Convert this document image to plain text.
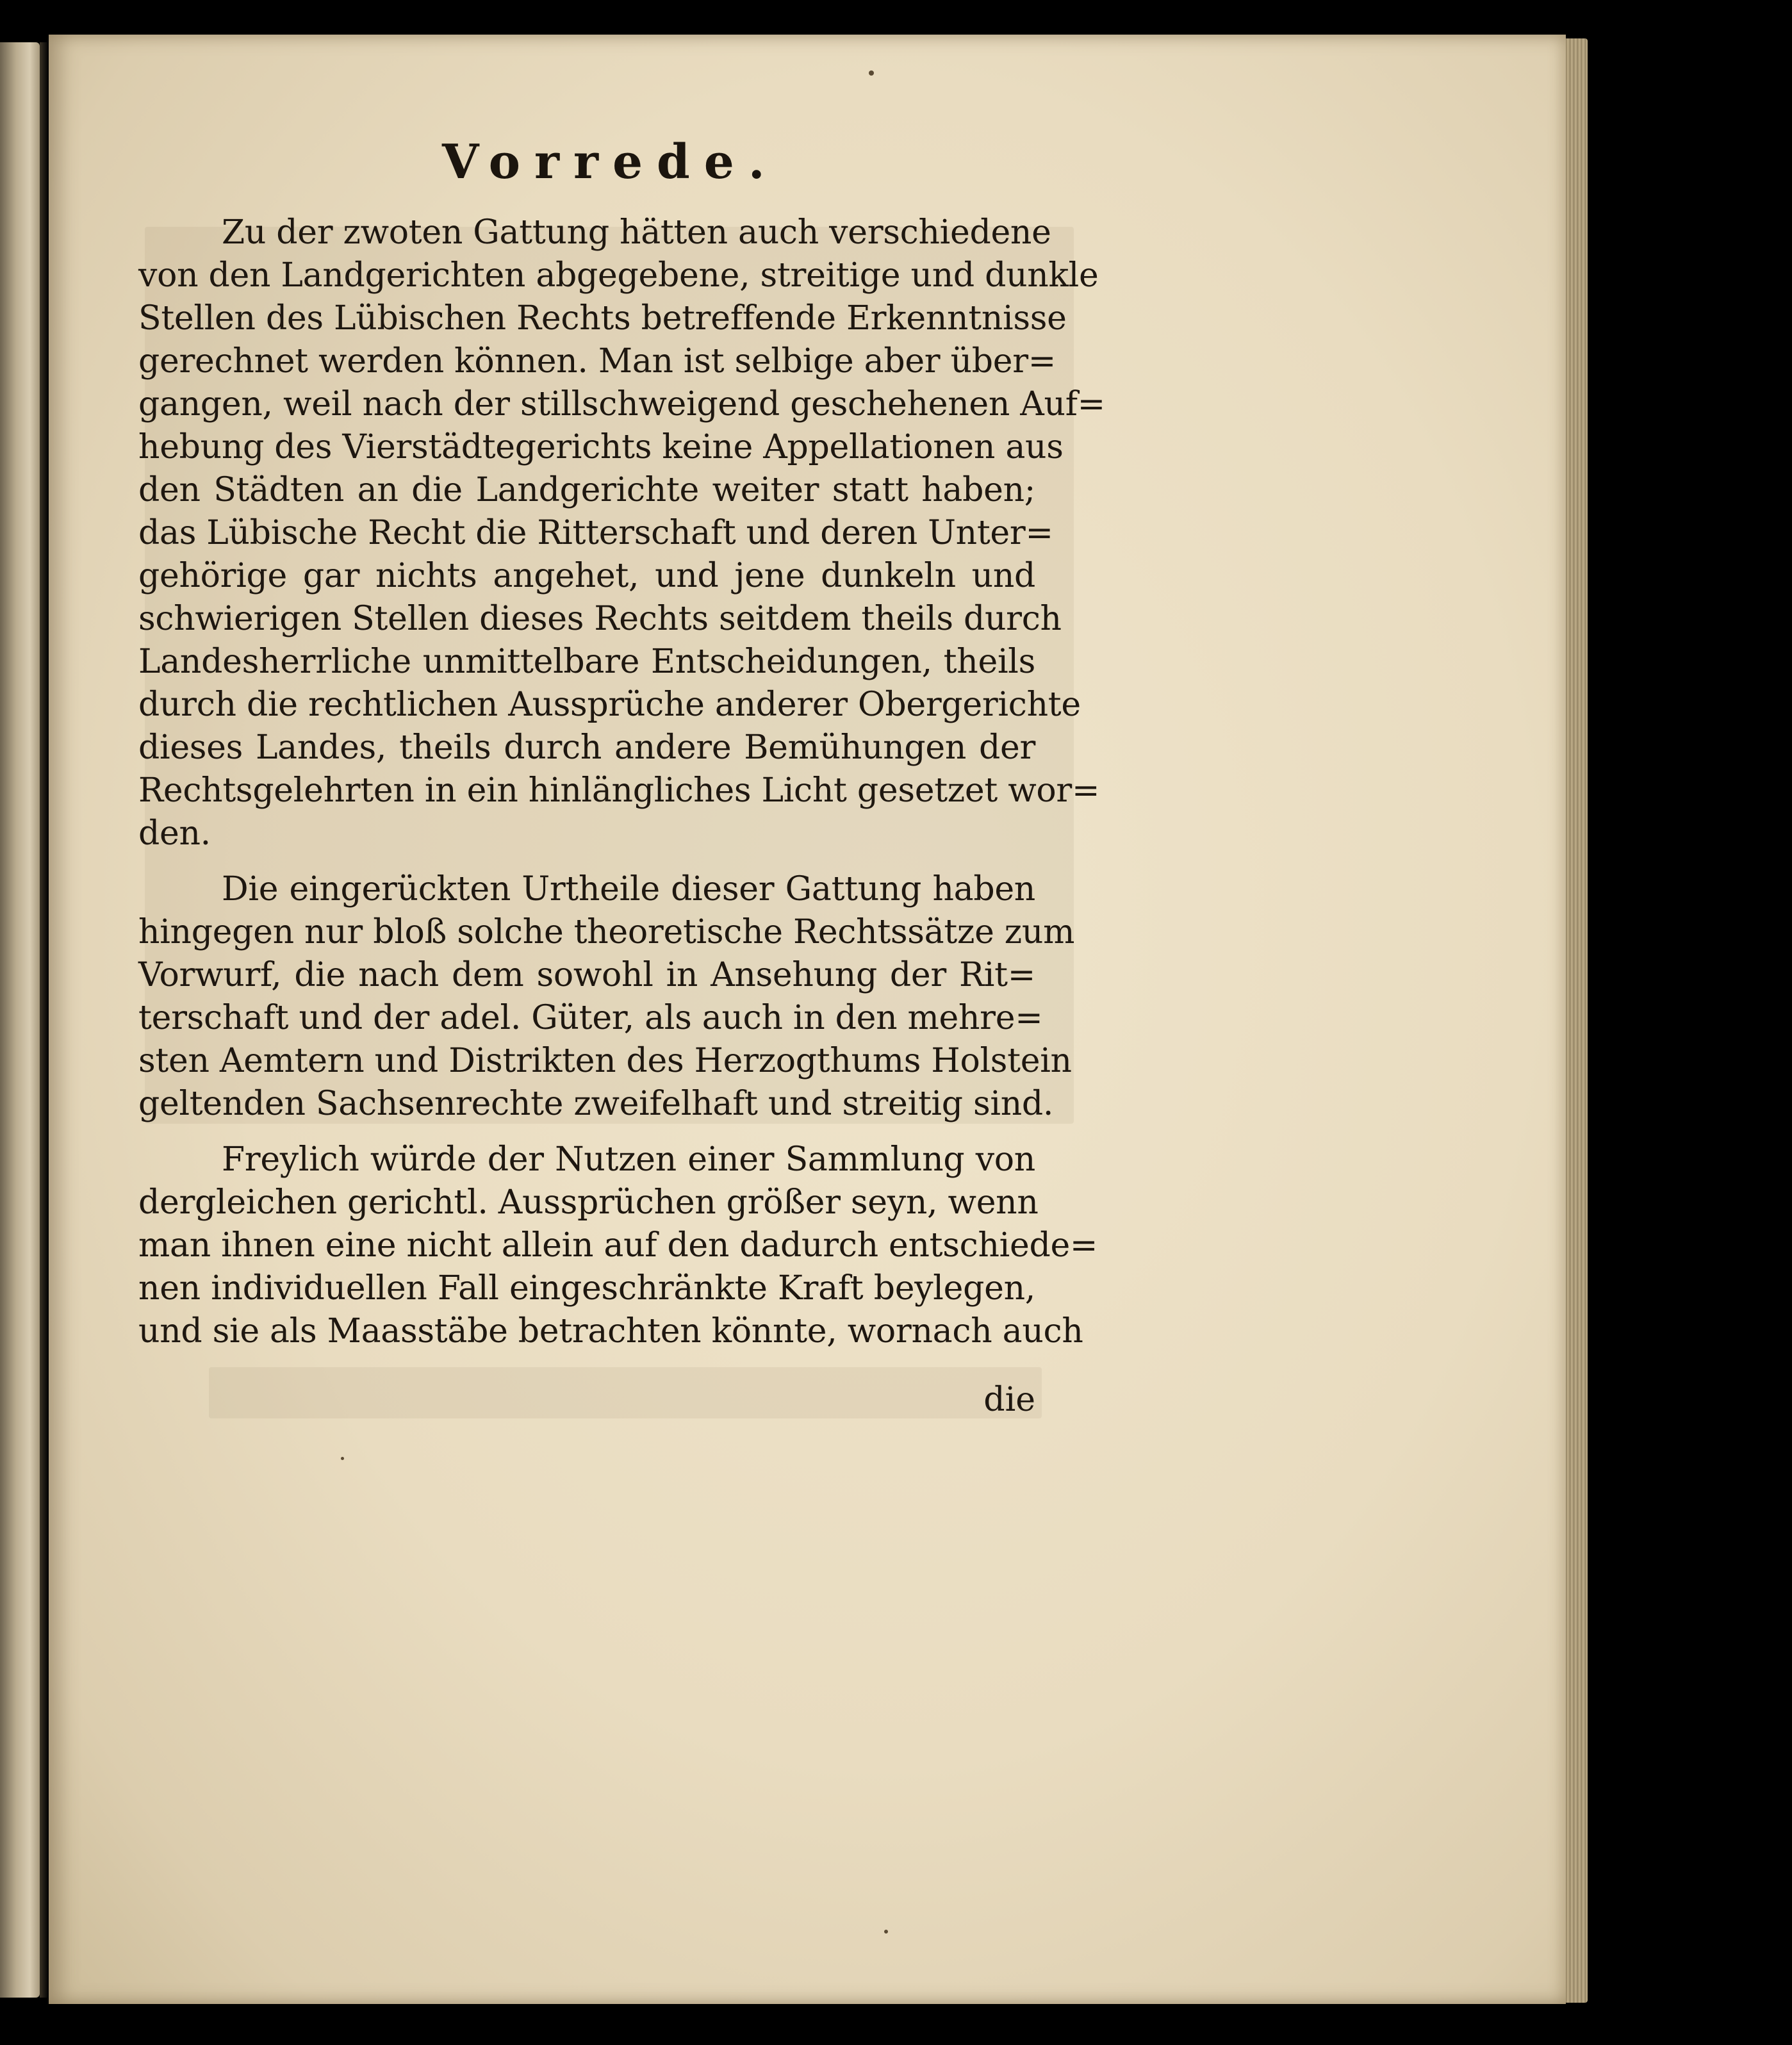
Vorrede.
Zu der zwoten Gattung hätten auch verschiedene
von den Landgerichten abgegebene, streitige und dunkle
Stellen des Lübischen Rechts betreffende Erkenntnisse
gerechnet werden können. Man ist selbige aber über=
gangen, weil nach der stillschweigend geschehenen Auf=
hebung des Vierstädtegerichts keine Appellationen aus
den Städten an die Landgerichte weiter statt haben;
das Lübische Recht die Ritterschaft und deren Unter=
gehörige gar nichts angehet, und jene dunkeln und
schwierigen Stellen dieses Rechts seitdem theils durch
Landesherrliche unmittelbare Entscheidungen, theils
durch die rechtlichen Aussprüche anderer Obergerichte
dieses Landes, theils durch andere Bemühungen der
Rechtsgelehrten in ein hinlängliches Licht gesetzet wor=
den.
Die eingerückten Urtheile dieser Gattung haben
hingegen nur bloß solche theoretische Rechtssätze zum
Vorwurf, die nach dem sowohl in Ansehung der Rit=
terschaft und der adel. Güter, als auch in den mehre=
sten Aemtern und Distrikten des Herzogthums Holstein
geltenden Sachsenrechte zweifelhaft und streitig sind.
Freylich würde der Nutzen einer Sammlung von
dergleichen gerichtl. Aussprüchen größer seyn, wenn
man ihnen eine nicht allein auf den dadurch entschiede=
nen individuellen Fall eingeschränkte Kraft beylegen,
und sie als Maasstäbe betrachten könnte, wornach auch
die
